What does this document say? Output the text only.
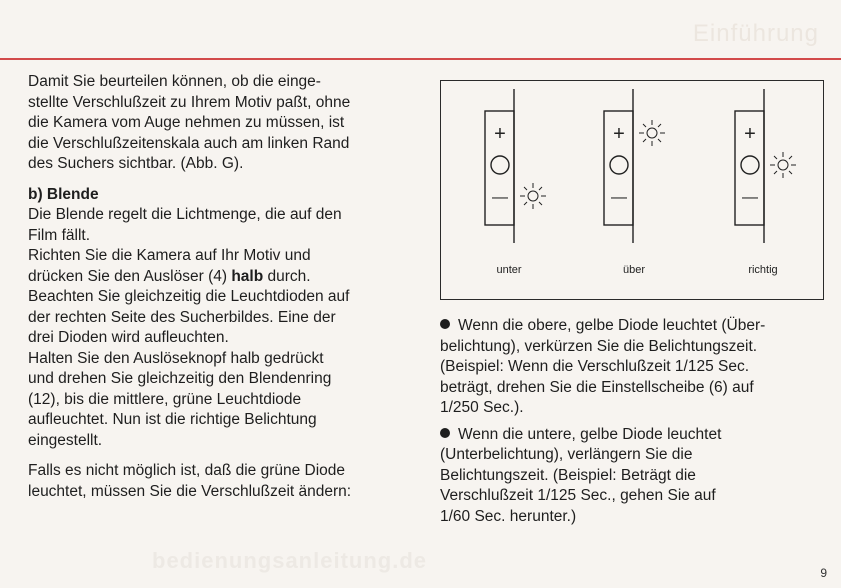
Einführung

Damit Sie beurteilen können, ob die einge-

stellte Verschlußzeit zu Ihrem Motiv paßt, ohne

die Kamera vom Auge nehmen zu müssen, ist

die Verschlußzeitenskala auch am linken Rand

des Suchers sichtbar. (Abb. G).

b) Blende

Die Blende regelt die Lichtmenge, die auf den

Film fällt.

Richten Sie die Kamera auf Ihr Motiv und

drücken Sie den Auslöser (4) halb durch.

Beachten Sie gleichzeitig die Leuchtdioden auf

der rechten Seite des Sucherbildes. Eine der

drei Dioden wird aufleuchten.

Halten Sie den Auslöseknopf halb gedrückt

und drehen Sie gleichzeitig den Blendenring

(12), bis die mittlere, grüne Leuchtdiode

aufleuchtet. Nun ist die richtige Belichtung

eingestellt.

Falls es nicht möglich ist, daß die grüne Diode

leuchtet, müssen Sie die Verschlußzeit ändern:

+
—
+
—
+
—
unter	über	richtig
Wenn die obere, gelbe Diode leuchtet (Über-
belichtung), verkürzen Sie die Belichtungszeit.
(Beispiel: Wenn die Verschlußzeit 1/125 Sec.
beträgt, drehen Sie die Einstellscheibe (6) auf
1/250 Sec.).
Wenn die untere, gelbe Diode leuchtet
(Unterbelichtung), verlängern Sie die
Belichtungszeit. (Beispiel: Beträgt die
Verschlußzeit 1/125 Sec., gehen Sie auf
1/60 Sec. herunter.)
bedienungsanleitung.de	9
